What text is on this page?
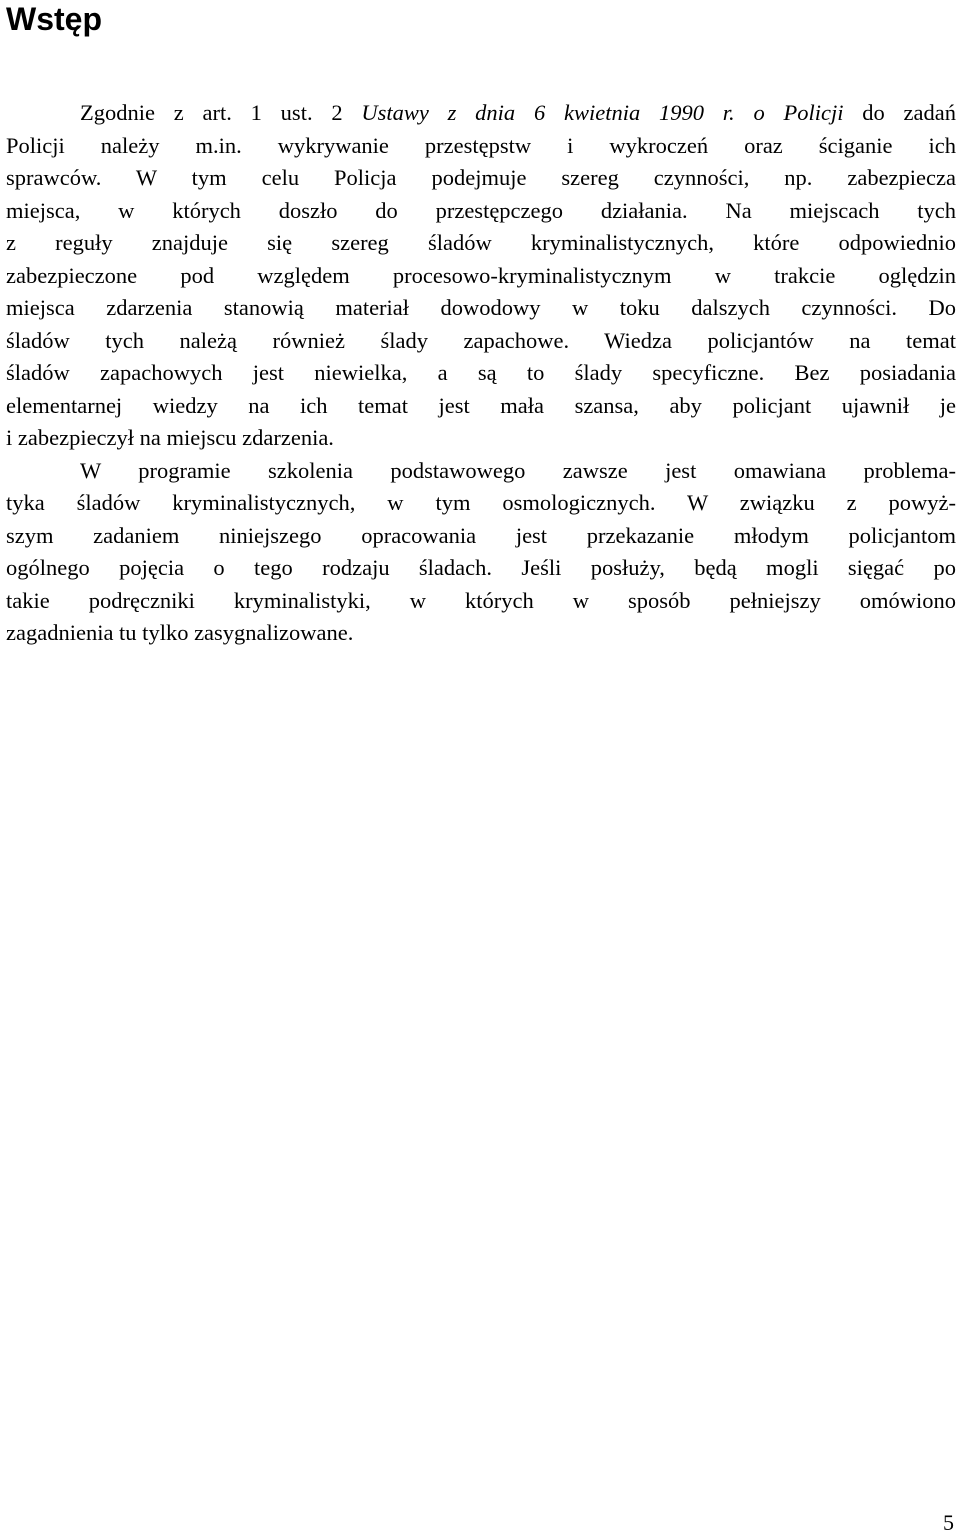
Wstęp
Zgodnie z art. 1 ust. 2 Ustawy z dnia 6 kwietnia 1990 r. o Policji do zadań
Policji należy m.in. wykrywanie przestępstw i wykroczeń oraz ściganie ich
sprawców. W tym celu Policja podejmuje szereg czynności, np. zabezpiecza
miejsca, w których doszło do przestępczego działania. Na miejscach tych
z reguły znajduje się szereg śladów kryminalistycznych, które odpowiednio
zabezpieczone pod względem procesowo-kryminalistycznym w trakcie oględzin
miejsca zdarzenia stanowią materiał dowodowy w toku dalszych czynności. Do
śladów tych należą również ślady zapachowe. Wiedza policjantów na temat
śladów zapachowych jest niewielka, a są to ślady specyficzne. Bez posiadania
elementarnej wiedzy na ich temat jest mała szansa, aby policjant ujawnił je
i zabezpieczył na miejscu zdarzenia.
W programie szkolenia podstawowego zawsze jest omawiana problema-
tyka śladów kryminalistycznych, w tym osmologicznych. W związku z powyż-
szym zadaniem niniejszego opracowania jest przekazanie młodym policjantom
ogólnego pojęcia o tego rodzaju śladach. Jeśli posłuży, będą mogli sięgać po
takie podręczniki kryminalistyki, w których w sposób pełniejszy omówiono
zagadnienia tu tylko zasygnalizowane.
5
